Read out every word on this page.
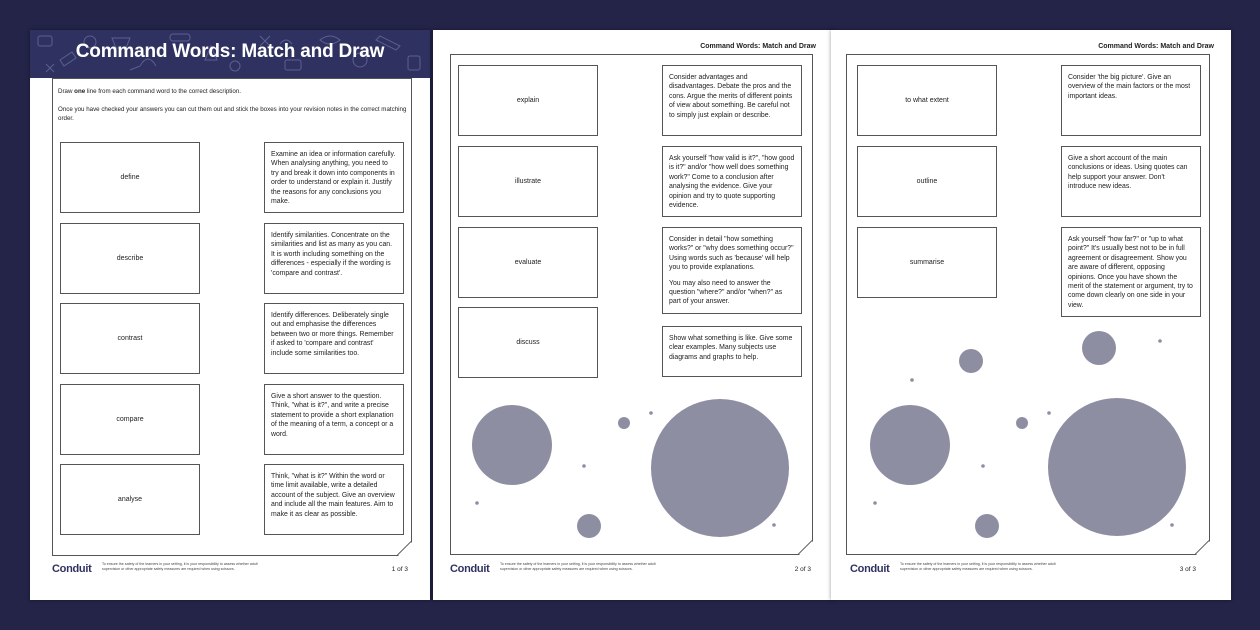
Command Words: Match and Draw
Draw one line from each command word to the correct description.
Once you have checked your answers you can cut them out and stick the boxes into your revision notes in the correct matching order.
define
describe
contrast
compare
analyse
Examine an idea or information carefully. When analysing anything, you need to try and break it down into components in order to understand or explain it. Justify the reasons for any conclusions you make.
Identify similarities. Concentrate on the similarities and list as many as you can. It is worth including something on the differences - especially if the wording is 'compare and contrast'.
Identify differences. Deliberately single out and emphasise the differences between two or more things. Remember if asked to 'compare and contrast' include some similarities too.
Give a short answer to the question. Think, "what is it?", and write a precise statement to provide a short explanation of the meaning of a term, a concept or a word.
Think, "what is it?" Within the word or time limit available, write a detailed account of the subject. Give an overview and include all the main features. Aim to make it as clear as possible.
Conduit	To ensure the safety of the learners in your setting, it is your responsibility to assess whether adult supervision or other appropriate safety measures are required when using scissors.	1 of 3
Command Words: Match and Draw
explain
illustrate
evaluate
discuss

Consider advantages and disadvantages. Debate the pros and the cons. Argue the merits of different points of view about something. Be careful not to simply just explain or describe.

Ask yourself "how valid is it?", "how good is it?" and/or "how well does something work?" Come to a conclusion after analysing the evidence. Give your opinion and try to quote supporting evidence.

Consider in detail "how something works?" or "why does something occur?" Using words such as 'because' will help you to provide explanations.

You may also need to answer the question "where?" and/or "when?" as part of your answer.

Show what something is like. Give some clear examples. Many subjects use diagrams and graphs to help.

Conduit	To ensure the safety of the learners in your setting, it is your responsibility to assess whether adult supervision or other appropriate safety measures are required when using scissors.	2 of 3
Command Words: Match and Draw
to what extent
outline
summarise
Consider 'the big picture'. Give an overview of the main factors or the most important ideas.
Give a short account of the main conclusions or ideas. Using quotes can help support your answer. Don't introduce new ideas.
Ask yourself "how far?" or "up to what point?" It's usually best not to be in full agreement or disagreement. Show you are aware of different, opposing opinions. Once you have shown the merit of the statement or argument, try to come down clearly on one side in your view.
Conduit	To ensure the safety of the learners in your setting, it is your responsibility to assess whether adult supervision or other appropriate safety measures are required when using scissors.	3 of 3
